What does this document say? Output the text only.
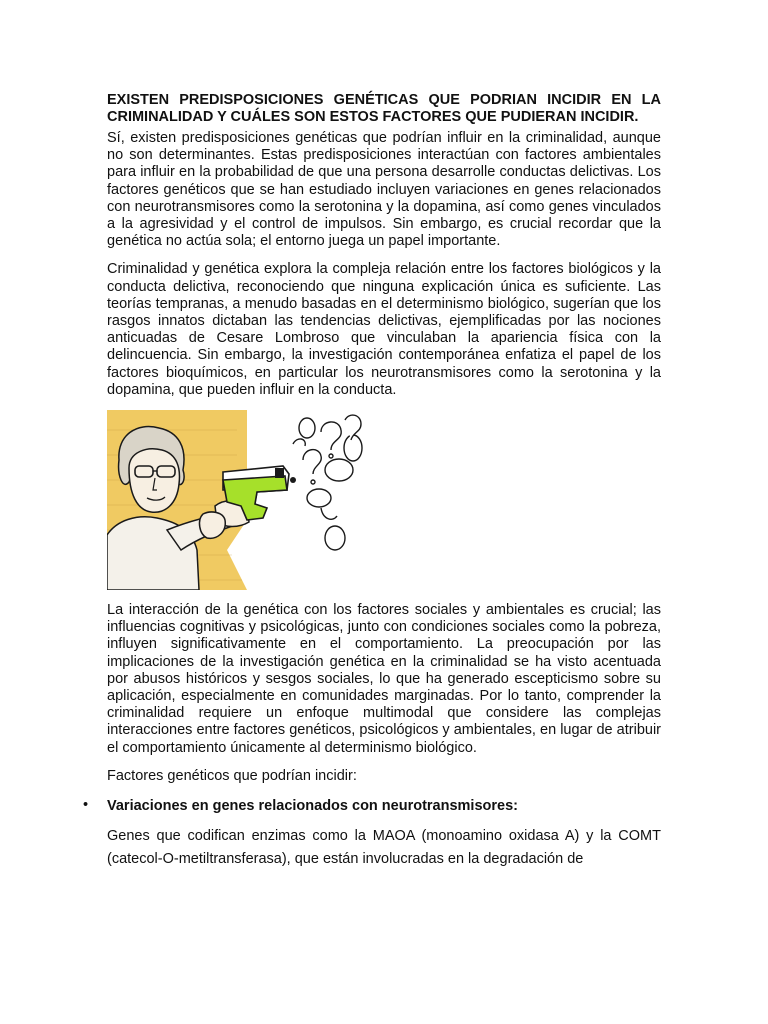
EXISTEN PREDISPOSICIONES GENÉTICAS QUE PODRIAN INCIDIR EN LA CRIMINALIDAD Y CUÁLES SON ESTOS FACTORES QUE PUDIERAN INCIDIR.

Sí, existen predisposiciones genéticas que podrían influir en la criminalidad, aunque no son determinantes. Estas predisposiciones interactúan con factores ambientales para influir en la probabilidad de que una persona desarrolle conductas delictivas. Los factores genéticos que se han estudiado incluyen variaciones en genes relacionados con neurotransmisores como la serotonina y la dopamina, así como genes vinculados a la agresividad y el control de impulsos. Sin embargo, es crucial recordar que la genética no actúa sola; el entorno juega un papel importante.

Criminalidad y genética explora la compleja relación entre los factores biológicos y la conducta delictiva, reconociendo que ninguna explicación única es suficiente. Las teorías tempranas, a menudo basadas en el determinismo biológico, sugerían que los rasgos innatos dictaban las tendencias delictivas, ejemplificadas por las nociones anticuadas de Cesare Lombroso que vinculaban la apariencia física con la delincuencia. Sin embargo, la investigación contemporánea enfatiza el papel de los factores bioquímicos, en particular los neurotransmisores como la serotonina y la dopamina, que pueden influir en la conducta.

La interacción de la genética con los factores sociales y ambientales es crucial; las influencias cognitivas y psicológicas, junto con condiciones sociales como la pobreza, influyen significativamente en el comportamiento. La preocupación por las implicaciones de la investigación genética en la criminalidad se ha visto acentuada por abusos históricos y sesgos sociales, lo que ha generado escepticismo sobre su aplicación, especialmente en comunidades marginadas. Por lo tanto, comprender la criminalidad requiere un enfoque multimodal que considere las complejas interacciones entre factores genéticos, psicológicos y ambientales, en lugar de atribuir el comportamiento únicamente al determinismo biológico.

Factores genéticos que podrían incidir:

• Variaciones en genes relacionados con neurotransmisores:

Genes que codifican enzimas como la MAOA (monoamino oxidasa A) y la COMT (catecol-O-metiltransferasa), que están involucradas en la degradación de
